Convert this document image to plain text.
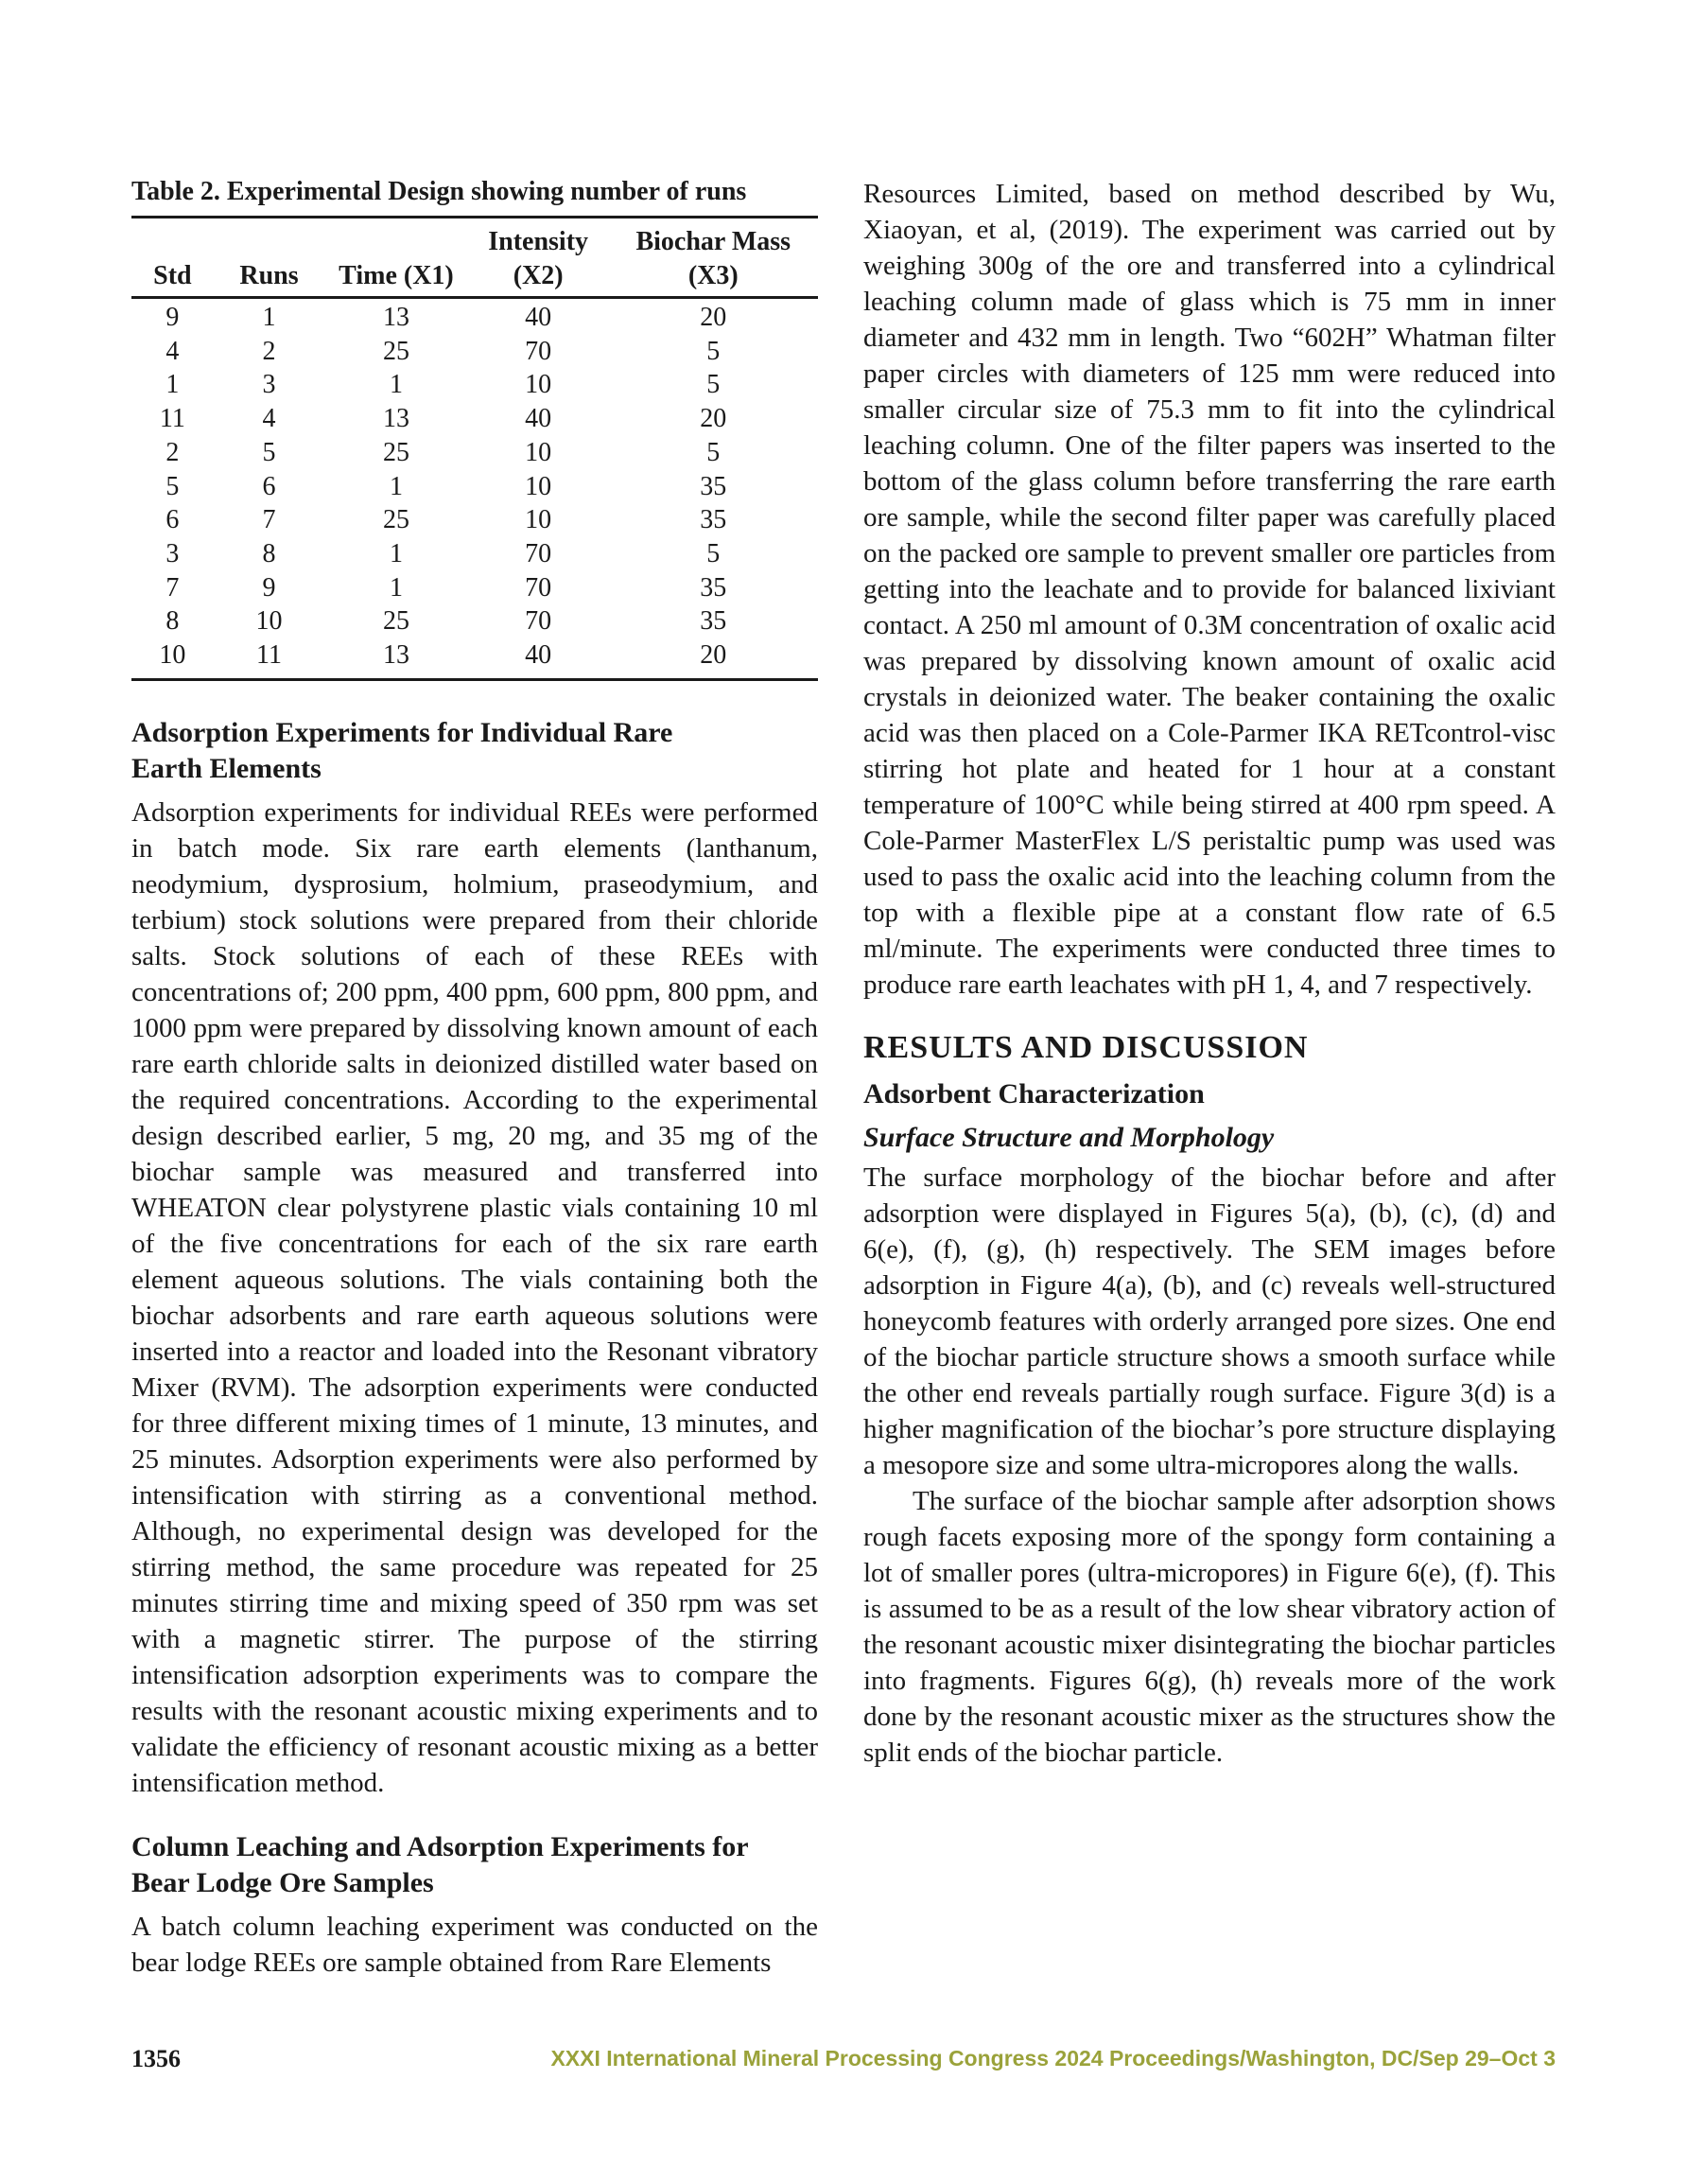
Table 2. Experimental Design showing number of runs
			Intensity	Biochar Mass
Std	Runs	Time (X1)	(X2)	(X3)
9	1	13	40	20
4	2	25	70	5
1	3	1	10	5
11	4	13	40	20
2	5	25	10	5
5	6	1	10	35
6	7	25	10	35
3	8	1	70	5
7	9	1	70	35
8	10	25	70	35
10	11	13	40	20
Adsorption Experiments for Individual Rare
Earth Elements

Adsorption experiments for individual REEs were performed in batch mode. Six rare earth elements (lanthanum, neodymium, dysprosium, holmium, praseodymium, and terbium) stock solutions were prepared from their chloride salts. Stock solutions of each of these REEs with concentrations of; 200 ppm, 400 ppm, 600 ppm, 800 ppm, and 1000 ppm were prepared by dissolving known amount of each rare earth chloride salts in deionized distilled water based on the required concentrations. According to the experimental design described earlier, 5 mg, 20 mg, and 35 mg of the biochar sample was measured and transferred into WHEATON clear polystyrene plastic vials containing 10 ml of the five concentrations for each of the six rare earth element aqueous solutions. The vials containing both the biochar adsorbents and rare earth aqueous solutions were inserted into a reactor and loaded into the Resonant vibratory Mixer (RVM). The adsorption experiments were conducted for three different mixing times of 1 minute, 13 minutes, and 25 minutes. Adsorption experiments were also performed by intensification with stirring as a conventional method. Although, no experimental design was developed for the stirring method, the same procedure was repeated for 25 minutes stirring time and mixing speed of 350 rpm was set with a magnetic stirrer. The purpose of the stirring intensification adsorption experiments was to compare the results with the resonant acoustic mixing experiments and to validate the efficiency of resonant acoustic mixing as a better intensification method.

Column Leaching and Adsorption Experiments for
Bear Lodge Ore Samples

A batch column leaching experiment was conducted on the bear lodge REEs ore sample obtained from Rare Elements

Resources Limited, based on method described by Wu, Xiaoyan, et al, (2019). The experiment was carried out by weighing 300g of the ore and transferred into a cylindrical leaching column made of glass which is 75 mm in inner diameter and 432 mm in length. Two “602H” Whatman filter paper circles with diameters of 125 mm were reduced into smaller circular size of 75.3 mm to fit into the cylindrical leaching column. One of the filter papers was inserted to the bottom of the glass column before transferring the rare earth ore sample, while the second filter paper was carefully placed on the packed ore sample to prevent smaller ore particles from getting into the leachate and to provide for balanced lixiviant contact. A 250 ml amount of 0.3M concentration of oxalic acid was prepared by dissolving known amount of oxalic acid crystals in deionized water. The beaker containing the oxalic acid was then placed on a Cole-Parmer IKA RETcontrol-visc stirring hot plate and heated for 1 hour at a constant temperature of 100°C while being stirred at 400 rpm speed. A Cole-Parmer MasterFlex L/S peristaltic pump was used was used to pass the oxalic acid into the leaching column from the top with a flexible pipe at a constant flow rate of 6.5 ml/minute. The experiments were conducted three times to produce rare earth leachates with pH 1, 4, and 7 respectively.

RESULTS AND DISCUSSION
Adsorbent Characterization
Surface Structure and Morphology

The surface morphology of the biochar before and after adsorption were displayed in Figures 5(a), (b), (c), (d) and 6(e), (f), (g), (h) respectively. The SEM images before adsorption in Figure 4(a), (b), and (c) reveals well-structured honeycomb features with orderly arranged pore sizes. One end of the biochar particle structure shows a smooth surface while the other end reveals partially rough surface. Figure 3(d) is a higher magnification of the biochar’s pore structure displaying a mesopore size and some ultra-micropores along the walls.

The surface of the biochar sample after adsorption shows rough facets exposing more of the spongy form containing a lot of smaller pores (ultra-micropores) in Figure 6(e), (f). This is assumed to be as a result of the low shear vibratory action of the resonant acoustic mixer disintegrating the biochar particles into fragments. Figures 6(g), (h) reveals more of the work done by the resonant acoustic mixer as the structures show the split ends of the biochar particle.

1356	XXXI International Mineral Processing Congress 2024 Proceedings/Washington, DC/Sep 29–Oct 3
